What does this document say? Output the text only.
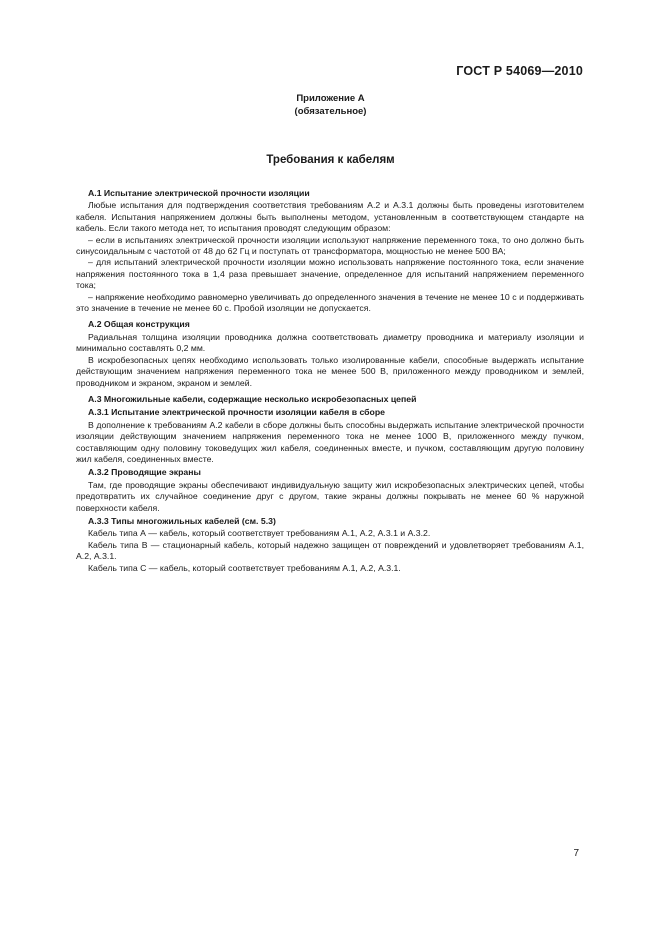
ГОСТ Р 54069—2010
Приложение А
(обязательное)
Требования к кабелям

А.1 Испытание электрической прочности изоляции

Любые испытания для подтверждения соответствия требованиям А.2 и А.3.1 должны быть проведены изготовителем кабеля. Испытания напряжением должны быть выполнены методом, установленным в соответствующем стандарте на кабель. Если такого метода нет, то испытания проводят следующим образом:

– если в испытаниях электрической прочности изоляции используют напряжение переменного тока, то оно должно быть синусоидальным с частотой от 48 до 62 Гц и поступать от трансформатора, мощностью не менее 500 ВА;

– для испытаний электрической прочности изоляции можно использовать напряжение постоянного тока, если значение напряжения постоянного тока в 1,4 раза превышает значение, определенное для испытаний напряжением переменного тока;

– напряжение необходимо равномерно увеличивать до определенного значения в течение не менее 10 с и поддерживать это значение в течение не менее 60 с. Пробой изоляции не допускается.

А.2 Общая конструкция

Радиальная толщина изоляции проводника должна соответствовать диаметру проводника и материалу изоляции и минимально составлять 0,2 мм.

В искробезопасных цепях необходимо использовать только изолированные кабели, способные выдержать испытание действующим значением напряжения переменного тока не менее 500 В, приложенного между проводником и землей, проводником и экраном, экраном и землей.

А.3 Многожильные кабели, содержащие несколько искробезопасных цепей

А.3.1 Испытание электрической прочности изоляции кабеля в сборе

В дополнение к требованиям А.2 кабели в сборе должны быть способны выдержать испытание электрической прочности изоляции действующим значением напряжения переменного тока не менее 1000 В, приложенного между пучком, составляющим одну половину токоведущих жил кабеля, соединенных вместе, и пучком, составляющим другую половину жил кабеля, соединенных вместе.

А.3.2 Проводящие экраны

Там, где проводящие экраны обеспечивают индивидуальную защиту жил искробезопасных электрических цепей, чтобы предотвратить их случайное соединение друг с другом, такие экраны должны покрывать не менее 60 % наружной поверхности кабеля.

А.3.3 Типы многожильных кабелей (см. 5.3)

Кабель типа А — кабель, который соответствует требованиям А.1, А.2, А.3.1 и А.3.2.

Кабель типа В — стационарный кабель, который надежно защищен от повреждений и удовлетворяет требованиям А.1, А.2, А.3.1.

Кабель типа С — кабель, который соответствует требованиям А.1, А.2, А.3.1.

7
